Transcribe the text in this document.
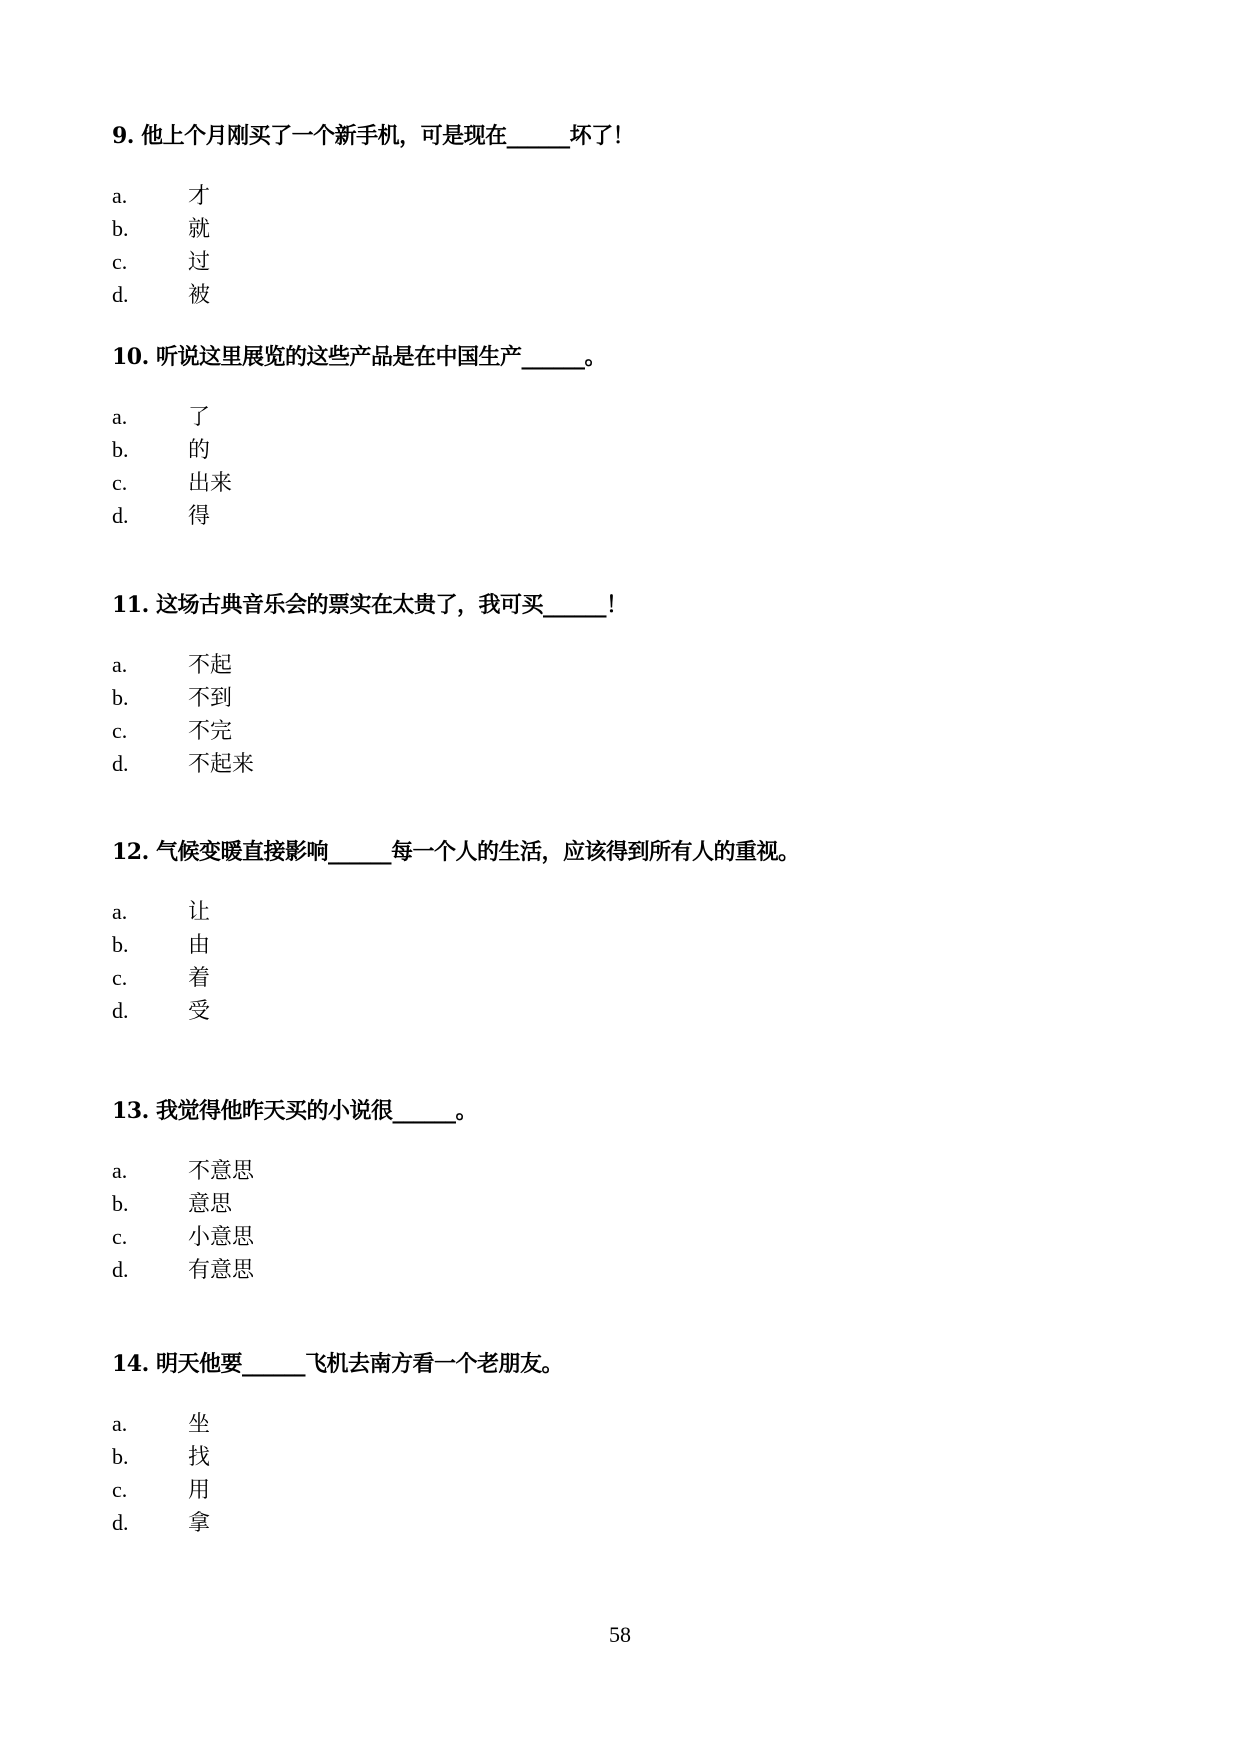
9. 他上个月刚买了一个新手机，可是现在______坏了！
a.	才
b.	就
c.	过
d.	被
10. 听说这里展览的这些产品是在中国生产______。
a.	了
b.	的
c.	出来
d.	得
11. 这场古典音乐会的票实在太贵了，我可买______！
a.	不起
b.	不到
c.	不完
d.	不起来
12. 气候变暖直接影响______每一个人的生活，应该得到所有人的重视。
a.	让
b.	由
c.	着
d.	受
13. 我觉得他昨天买的小说很______。
a.	不意思
b.	意思
c.	小意思
d.	有意思
14. 明天他要______飞机去南方看一个老朋友。
a.	坐
b.	找
c.	用
d.	拿
58
